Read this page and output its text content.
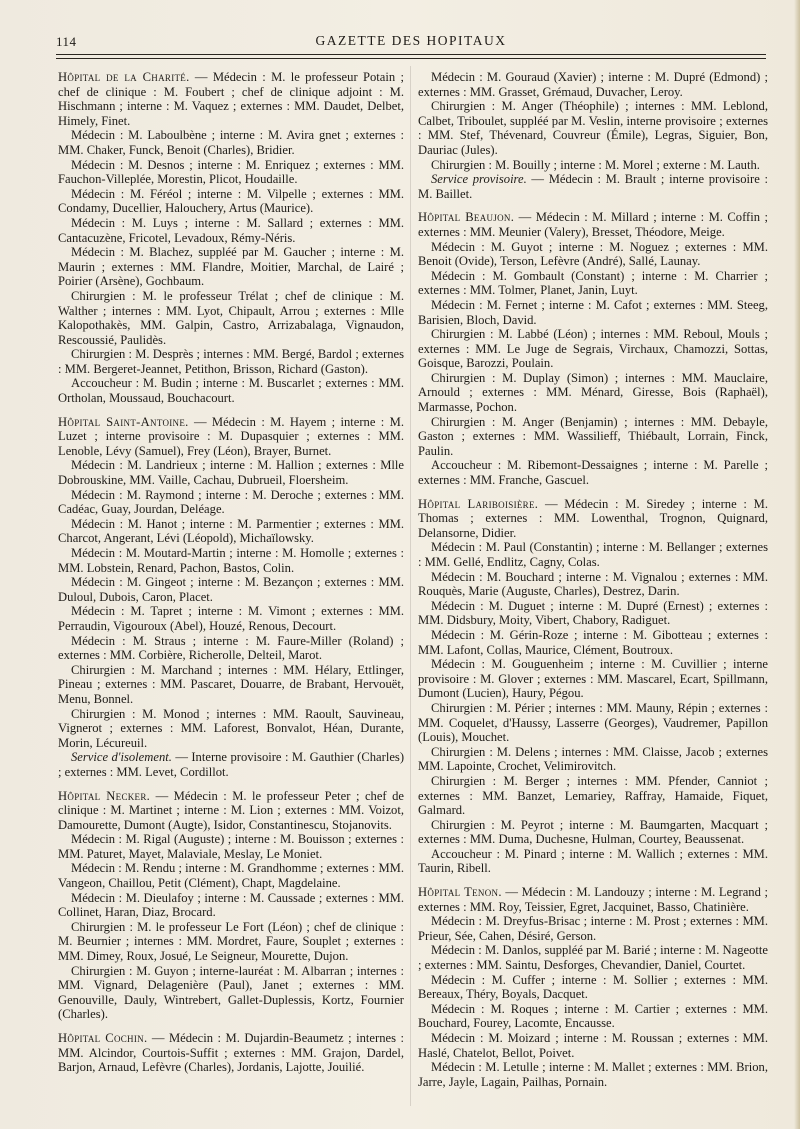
114	GAZETTE DES HOPITAUX

Hôpital de la Charité. — Médecin : M. le professeur Potain ; chef de clinique : M. Foubert ; chef de clinique adjoint : M. Hischmann ; interne : M. Vaquez ; externes : MM. Daudet, Delbet, Himely, Finet.

Médecin : M. Laboulbène ; interne : M. Avira gnet ; externes : MM. Chaker, Funck, Benoit (Charles), Bridier.

Médecin : M. Desnos ; interne : M. Enriquez ; externes : MM. Fauchon-Villeplée, Morestin, Plicot, Houdaille.

Médecin : M. Féréol ; interne : M. Vilpelle ; externes : MM. Condamy, Ducellier, Halouchery, Artus (Maurice).

Médecin : M. Luys ; interne : M. Sallard ; externes : MM. Cantacuzène, Fricotel, Levadoux, Rémy-Néris.

Médecin : M. Blachez, suppléé par M. Gaucher ; interne : M. Maurin ; externes : MM. Flandre, Moitier, Marchal, de Lairé ; Poirier (Arsène), Gochbaum.

Chirurgien : M. le professeur Trélat ; chef de clinique : M. Walther ; internes : MM. Lyot, Chipault, Arrou ; externes : Mlle Kalopothakès, MM. Galpin, Castro, Arrizabalaga, Vignaudon, Rescoussié, Paulidès.

Chirurgien : M. Desprès ; internes : MM. Bergé, Bardol ; externes : MM. Bergeret-Jeannet, Petithon, Brisson, Richard (Gaston).

Accoucheur : M. Budin ; interne : M. Buscarlet ; externes : MM. Ortholan, Moussaud, Bouchacourt.

Hôpital Saint-Antoine. — Médecin : M. Hayem ; interne : M. Luzet ; interne provisoire : M. Dupasquier ; externes : MM. Lenoble, Lévy (Samuel), Frey (Léon), Brayer, Burnet.

Médecin : M. Landrieux ; interne : M. Hallion ; externes : Mlle Dobrouskine, MM. Vaille, Cachau, Dubrueil, Floersheim.

Médecin : M. Raymond ; interne : M. Deroche ; externes : MM. Cadéac, Guay, Jourdan, Deléage.

Médecin : M. Hanot ; interne : M. Parmentier ; externes : MM. Charcot, Angerant, Lévi (Léopold), Michaïlowsky.

Médecin : M. Moutard-Martin ; interne : M. Homolle ; externes : MM. Lobstein, Renard, Pachon, Bastos, Colin.

Médecin : M. Gingeot ; interne : M. Bezançon ; externes : MM. Duloul, Dubois, Caron, Placet.

Médecin : M. Tapret ; interne : M. Vimont ; externes : MM. Perraudin, Vigouroux (Abel), Houzé, Renous, Decourt.

Médecin : M. Straus ; interne : M. Faure-Miller (Roland) ; externes : MM. Corbière, Richerolle, Delteil, Marot.

Chirurgien : M. Marchand ; internes : MM. Hélary, Ettlinger, Pineau ; externes : MM. Pascaret, Douarre, de Brabant, Hervouët, Menu, Bonnel.

Chirurgien : M. Monod ; internes : MM. Raoult, Sauvineau, Vignerot ; externes : MM. Laforest, Bonvalot, Héan, Durante, Morin, Lécureuil.

Service d'isolement. — Interne provisoire : M. Gauthier (Charles) ; externes : MM. Levet, Cordillot.

Hôpital Necker. — Médecin : M. le professeur Peter ; chef de clinique : M. Martinet ; interne : M. Lion ; externes : MM. Voizot, Damourette, Dumont (Augte), Isidor, Constantinescu, Stojanovits.

Médecin : M. Rigal (Auguste) ; interne : M. Bouisson ; externes : MM. Paturet, Mayet, Malaviale, Meslay, Le Moniet.

Médecin : M. Rendu ; interne : M. Grandhomme ; externes : MM. Vangeon, Chaillou, Petit (Clément), Chapt, Magdelaine.

Médecin : M. Dieulafoy ; interne : M. Caussade ; externes : MM. Collinet, Haran, Diaz, Brocard.

Chirurgien : M. le professeur Le Fort (Léon) ; chef de clinique : M. Beurnier ; internes : MM. Mordret, Faure, Souplet ; externes : MM. Dimey, Roux, Josué, Le Seigneur, Mourette, Dujon.

Chirurgien : M. Guyon ; interne-lauréat : M. Albarran ; internes : MM. Vignard, Delagenière (Paul), Janet ; externes : MM. Genouville, Dauly, Wintrebert, Gallet-Duplessis, Kortz, Fournier (Charles).

Hôpital Cochin. — Médecin : M. Dujardin-Beaumetz ; internes : MM. Alcindor, Courtois-Suffit ; externes : MM. Grajon, Dardel, Barjon, Arnaud, Lefèvre (Charles), Jordanis, Lajotte, Jouilié.

Médecin : M. Gouraud (Xavier) ; interne : M. Dupré (Edmond) ; externes : MM. Grasset, Grémaud, Duvacher, Leroy.

Chirurgien : M. Anger (Théophile) ; internes : MM. Leblond, Calbet, Triboulet, suppléé par M. Veslin, interne provisoire ; externes : MM. Stef, Thévenard, Couvreur (Émile), Legras, Siguier, Bon, Dauriac (Jules).

Chirurgien : M. Bouilly ; interne : M. Morel ; externe : M. Lauth.

Service provisoire. — Médecin : M. Brault ; interne provisoire : M. Baillet.

Hôpital Beaujon. — Médecin : M. Millard ; interne : M. Coffin ; externes : MM. Meunier (Valery), Bresset, Théodore, Meige.

Médecin : M. Guyot ; interne : M. Noguez ; externes : MM. Benoit (Ovide), Terson, Lefèvre (André), Sallé, Launay.

Médecin : M. Gombault (Constant) ; interne : M. Charrier ; externes : MM. Tolmer, Planet, Janin, Luyt.

Médecin : M. Fernet ; interne : M. Cafot ; externes : MM. Steeg, Barisien, Bloch, David.

Chirurgien : M. Labbé (Léon) ; internes : MM. Reboul, Mouls ; externes : MM. Le Juge de Segrais, Virchaux, Chamozzi, Sottas, Goisque, Barozzi, Poulain.

Chirurgien : M. Duplay (Simon) ; internes : MM. Mauclaire, Arnould ; externes : MM. Ménard, Giresse, Bois (Raphaël), Marmasse, Pochon.

Chirurgien : M. Anger (Benjamin) ; internes : MM. Debayle, Gaston ; externes : MM. Wassilieff, Thiébault, Lorrain, Finck, Paulin.

Accoucheur : M. Ribemont-Dessaignes ; interne : M. Parelle ; externes : MM. Franche, Gascuel.

Hôpital Lariboisière. — Médecin : M. Siredey ; interne : M. Thomas ; externes : MM. Lowenthal, Trognon, Quignard, Delansorne, Didier.

Médecin : M. Paul (Constantin) ; interne : M. Bellanger ; externes : MM. Gellé, Endlitz, Cagny, Colas.

Médecin : M. Bouchard ; interne : M. Vignalou ; externes : MM. Rouquès, Marie (Auguste, Charles), Destrez, Darin.

Médecin : M. Duguet ; interne : M. Dupré (Ernest) ; externes : MM. Didsbury, Moity, Vibert, Chabory, Radiguet.

Médecin : M. Gérin-Roze ; interne : M. Gibotteau ; externes : MM. Lafont, Collas, Maurice, Clément, Boutroux.

Médecin : M. Gouguenheim ; interne : M. Cuvillier ; interne provisoire : M. Glover ; externes : MM. Mascarel, Ecart, Spillmann, Dumont (Lucien), Haury, Pégou.

Chirurgien : M. Périer ; internes : MM. Mauny, Répin ; externes : MM. Coquelet, d'Haussy, Lasserre (Georges), Vaudremer, Papillon (Louis), Mouchet.

Chirurgien : M. Delens ; internes : MM. Claisse, Jacob ; externes MM. Lapointe, Crochet, Velimirovitch.

Chirurgien : M. Berger ; internes : MM. Pfender, Canniot ; externes : MM. Banzet, Lemariey, Raffray, Hamaide, Fiquet, Galmard.

Chirurgien : M. Peyrot ; interne : M. Baumgarten, Macquart ; externes : MM. Duma, Duchesne, Hulman, Courtey, Beaussenat.

Accoucheur : M. Pinard ; interne : M. Wallich ; externes : MM. Taurin, Ribell.

Hôpital Tenon. — Médecin : M. Landouzy ; interne : M. Legrand ; externes : MM. Roy, Teissier, Egret, Jacquinet, Basso, Chatinière.

Médecin : M. Dreyfus-Brisac ; interne : M. Prost ; externes : MM. Prieur, Sée, Cahen, Désiré, Gerson.

Médecin : M. Danlos, suppléé par M. Barié ; interne : M. Nageotte ; externes : MM. Saintu, Desforges, Chevandier, Daniel, Courtet.

Médecin : M. Cuffer ; interne : M. Sollier ; externes : MM. Bereaux, Théry, Boyals, Dacquet.

Médecin : M. Roques ; interne : M. Cartier ; externes : MM. Bouchard, Fourey, Lacomte, Encausse.

Médecin : M. Moizard ; interne : M. Roussan ; externes : MM. Haslé, Chatelot, Bellot, Poivet.

Médecin : M. Letulle ; interne : M. Mallet ; externes : MM. Brion, Jarre, Jayle, Lagain, Pailhas, Pornain.
